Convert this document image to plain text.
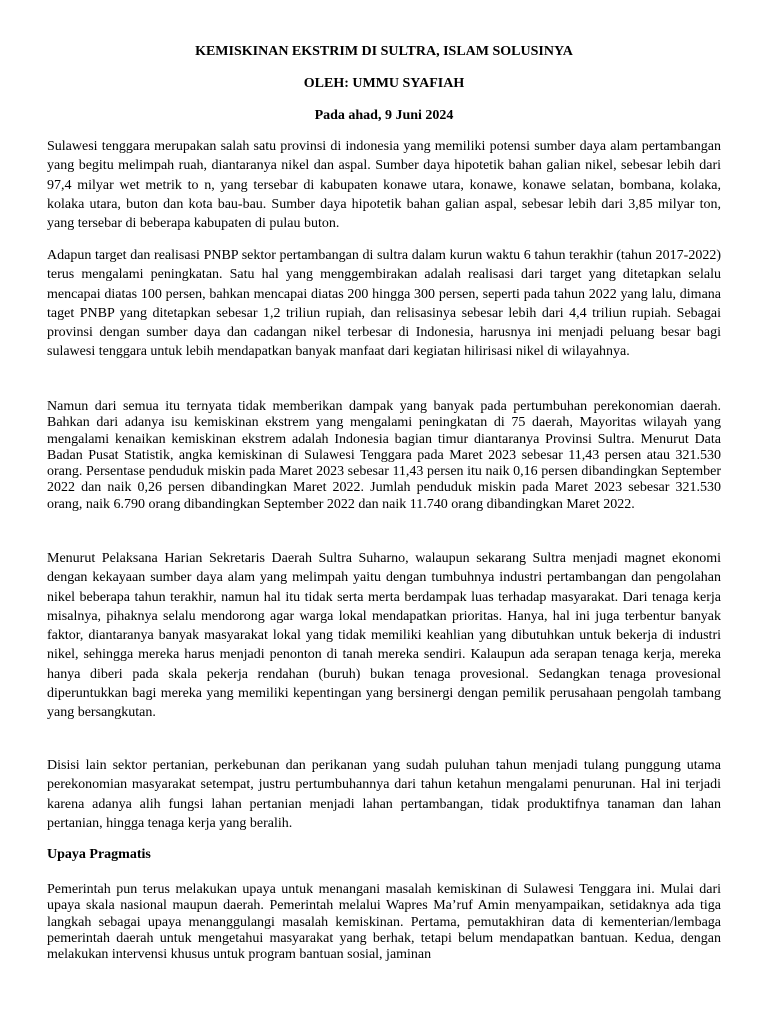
KEMISKINAN EKSTRIM DI SULTRA, ISLAM SOLUSINYA

OLEH: UMMU SYAFIAH

Pada ahad, 9 Juni 2024

Sulawesi tenggara merupakan salah satu provinsi di indonesia yang memiliki potensi sumber daya alam pertambangan yang begitu melimpah ruah, diantaranya nikel dan aspal. Sumber daya hipotetik bahan galian nikel, sebesar lebih dari 97,4 milyar wet metrik to n, yang tersebar di kabupaten konawe utara, konawe, konawe selatan, bombana, kolaka, kolaka utara, buton dan kota bau-bau. Sumber daya hipotetik bahan galian aspal, sebesar lebih dari 3,85 milyar ton, yang tersebar di beberapa kabupaten di pulau buton.

Adapun target dan realisasi PNBP sektor pertambangan di sultra dalam kurun waktu 6 tahun terakhir (tahun 2017-2022) terus mengalami peningkatan. Satu hal yang menggembirakan adalah realisasi dari target yang ditetapkan selalu mencapai diatas 100 persen, bahkan mencapai diatas 200 hingga 300 persen, seperti pada tahun 2022 yang lalu, dimana taget PNBP yang ditetapkan sebesar 1,2 triliun rupiah, dan relisasinya sebesar lebih dari 4,4 triliun rupiah. Sebagai provinsi dengan sumber daya dan cadangan nikel terbesar di Indonesia, harusnya ini menjadi peluang besar bagi sulawesi tenggara untuk lebih mendapatkan banyak manfaat dari kegiatan hilirisasi nikel di wilayahnya.

Namun dari semua itu ternyata tidak memberikan dampak yang banyak pada pertumbuhan perekonomian daerah. Bahkan dari adanya isu kemiskinan ekstrem yang mengalami peningkatan di 75 daerah, Mayoritas wilayah yang mengalami kenaikan kemiskinan ekstrem adalah Indonesia bagian timur diantaranya Provinsi Sultra. Menurut Data Badan Pusat Statistik, angka kemiskinan di Sulawesi Tenggara pada Maret 2023 sebesar 11,43 persen atau 321.530 orang. Persentase penduduk miskin pada Maret 2023 sebesar 11,43 persen itu naik 0,16 persen dibandingkan September 2022 dan naik 0,26 persen dibandingkan Maret 2022. Jumlah penduduk miskin pada Maret 2023 sebesar 321.530 orang, naik 6.790 orang dibandingkan September 2022 dan naik 11.740 orang dibandingkan Maret 2022.

Menurut Pelaksana Harian Sekretaris Daerah Sultra Suharno, walaupun sekarang Sultra menjadi magnet ekonomi dengan kekayaan sumber daya alam yang melimpah yaitu dengan tumbuhnya industri pertambangan dan pengolahan nikel beberapa tahun terakhir, namun hal itu tidak serta merta berdampak luas terhadap masyarakat. Dari tenaga kerja misalnya, pihaknya selalu mendorong agar warga lokal mendapatkan prioritas. Hanya, hal ini juga terbentur banyak faktor, diantaranya banyak masyarakat lokal yang tidak memiliki keahlian yang dibutuhkan untuk bekerja di industri nikel, sehingga mereka harus menjadi penonton di tanah mereka sendiri. Kalaupun ada serapan tenaga kerja, mereka hanya diberi pada skala pekerja rendahan (buruh) bukan tenaga provesional. Sedangkan tenaga provesional diperuntukkan bagi mereka yang memiliki kepentingan yang bersinergi dengan pemilik perusahaan pengolah tambang yang bersangkutan.

Disisi lain sektor pertanian, perkebunan dan perikanan yang sudah puluhan tahun menjadi tulang punggung utama perekonomian masyarakat setempat, justru pertumbuhannya dari tahun ketahun mengalami penurunan. Hal ini terjadi karena adanya alih fungsi lahan pertanian menjadi lahan pertambangan, tidak produktifnya tanaman dan lahan pertanian, hingga tenaga kerja yang beralih.

Upaya Pragmatis

Pemerintah pun terus melakukan upaya untuk menangani masalah kemiskinan di Sulawesi Tenggara ini. Mulai dari upaya skala nasional maupun daerah. Pemerintah melalui Wapres Ma’ruf Amin menyampaikan, setidaknya ada tiga langkah sebagai upaya menanggulangi masalah kemiskinan. Pertama, pemutakhiran data di kementerian/lembaga pemerintah daerah untuk mengetahui masyarakat yang berhak, tetapi belum mendapatkan bantuan. Kedua, dengan melakukan intervensi khusus untuk program bantuan sosial, jaminan
